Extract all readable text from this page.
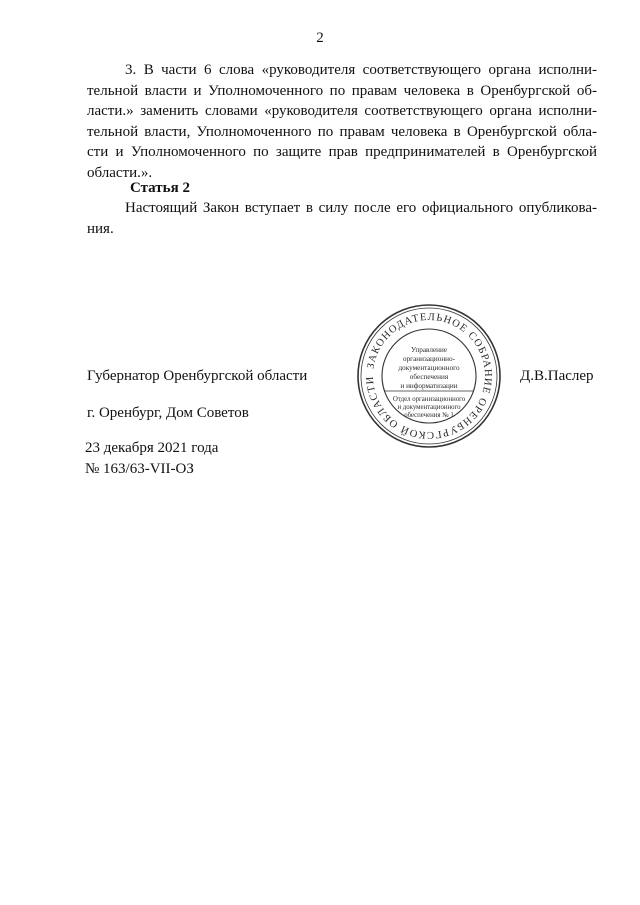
2

3. В части 6 слова «руководителя соответствующего органа исполни- тельной власти и Уполномоченного по правам человека в Оренбургской об- ласти.» заменить словами «руководителя соответствующего органа исполни- тельной власти, Уполномоченного по правам человека в Оренбургской обла- сти и Уполномоченного по защите прав предпринимателей в Оренбургской области.».

Статья 2

Настоящий Закон вступает в силу после его официального опубликова- ния.

Губернатор Оренбургской области	Д.В.Паслер
г. Оренбург, Дом Советов
23 декабря 2021 года
№ 163/63-VII-ОЗ
ЗАКОНОДАТЕЛЬНОЕ СОБРАНИЕ ОРЕНБУРГСКОЙ ОБЛАСТИ
Управление
организационно-
документационного
обеспечения
и информатизации
Отдел организационного
и документационного
обеспечения № 1
